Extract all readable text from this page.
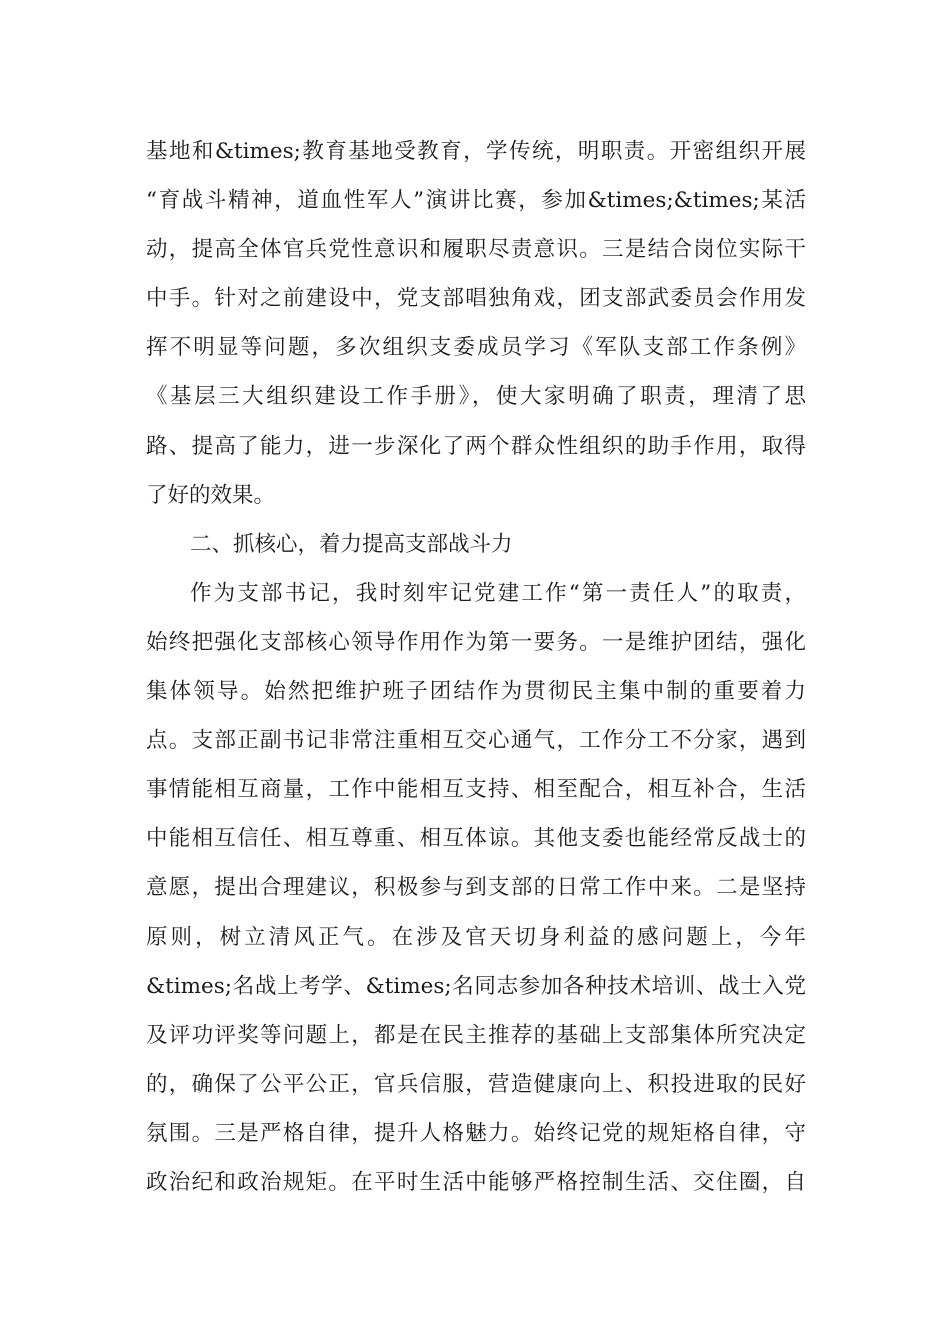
基地和&times;教育基地受教育，学传统，明职责。开密组织开展
“育战斗精神，道血性军人”演讲比赛，参加&times;&times;某活
动，提高全体官兵党性意识和履职尽责意识。三是结合岗位实际干
中手。针对之前建设中，党支部唱独角戏，团支部武委员会作用发
挥不明显等问题，多次组织支委成员学习《军队支部工作条例》
《基层三大组织建设工作手册》，使大家明确了职责，理清了思
路、提高了能力，进一步深化了两个群众性组织的助手作用，取得
了好的效果。
二、抓核心，着力提高支部战斗力
作为支部书记，我时刻牢记党建工作“第一责任人”的取责，
始终把强化支部核心领导作用作为第一要务。一是维护团结，强化
集体领导。始然把维护班子团结作为贯彻民主集中制的重要着力
点。支部正副书记非常注重相互交心通气，工作分工不分家，遇到
事情能相互商量，工作中能相互支持、相至配合，相互补合，生活
中能相互信任、相互尊重、相互体谅。其他支委也能经常反战士的
意愿，提出合理建议，积极参与到支部的日常工作中来。二是坚持
原则，树立清风正气。在涉及官天切身利益的感问题上，今年
&times;名战上考学、&times;名同志参加各种技术培训、战士入党
及评功评奖等问题上，都是在民主推荐的基础上支部集体所究决定
的，确保了公平公正，官兵信服，营造健康向上、积投进取的民好
氛围。三是严格自律，提升人格魅力。始终记党的规矩格自律，守
政治纪和政治规矩。在平时生活中能够严格控制生活、交住圈，自
